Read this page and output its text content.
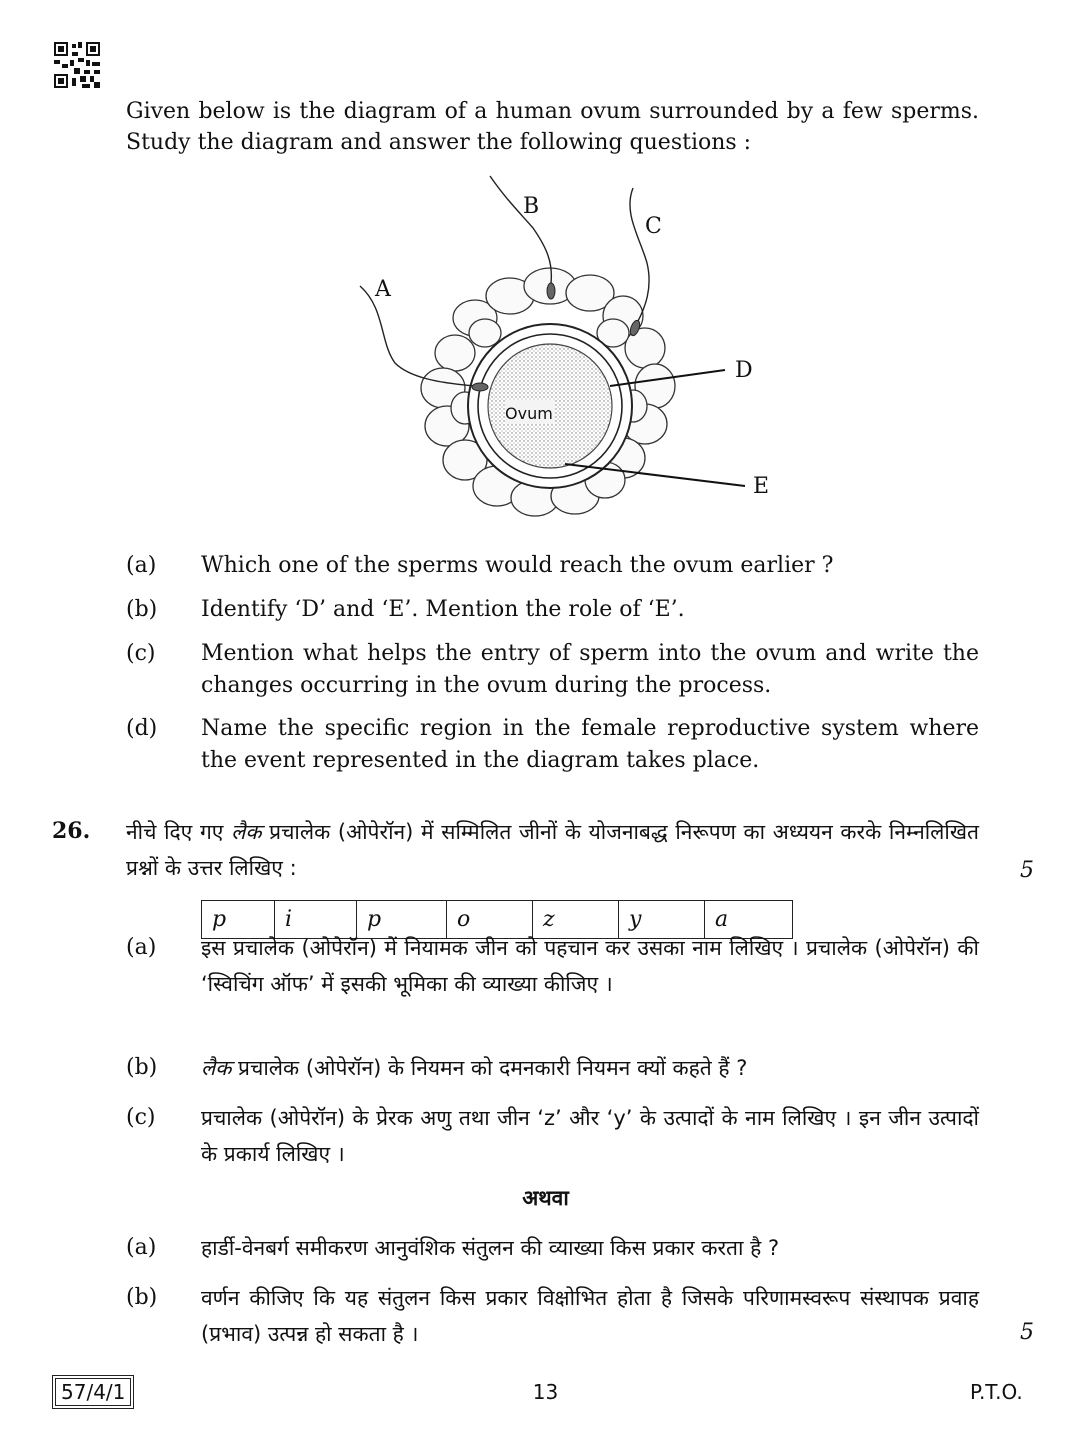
Given below is the diagram of a human ovum surrounded by a few sperms. Study the diagram and answer the following questions :
Ovum
A
B
C
D
E
(a) Which one of the sperms would reach the ovum earlier ?
(b) Identify ‘D’ and ‘E’. Mention the role of ‘E’.
(c) Mention what helps the entry of sperm into the ovum and write the changes occurring in the ovum during the process.
(d) Name the specific region in the female reproductive system where the event represented in the diagram takes place.
26. नीचे दिए गए लैक प्रचालेक (ओपेरॉन) में सम्मिलित जीनों के योजनाबद्ध निरूपण का अध्ययन करके निम्नलिखित प्रश्नों के उत्तर लिखिए :	5
p	i	p	o	z	y	a
(a) इस प्रचालेक (ओपेरॉन) में नियामक जीन को पहचान कर उसका नाम लिखिए । प्रचालेक (ओपेरॉन) की ‘स्विचिंग ऑफ’ में इसकी भूमिका की व्याख्या कीजिए ।
(b) लैक प्रचालेक (ओपेरॉन) के नियमन को दमनकारी नियमन क्यों कहते हैं ?
(c) प्रचालेक (ओपेरॉन) के प्रेरक अणु तथा जीन ‘z’ और ‘y’ के उत्पादों के नाम लिखिए । इन जीन उत्पादों के प्रकार्य लिखिए ।
अथवा
(a) हार्डी-वेनबर्ग समीकरण आनुवंशिक संतुलन की व्याख्या किस प्रकार करता है ?
(b) वर्णन कीजिए कि यह संतुलन किस प्रकार विक्षोभित होता है जिसके परिणामस्वरूप संस्थापक प्रवाह (प्रभाव) उत्पन्न हो सकता है ।	5
57/4/1	13	P.T.O.
